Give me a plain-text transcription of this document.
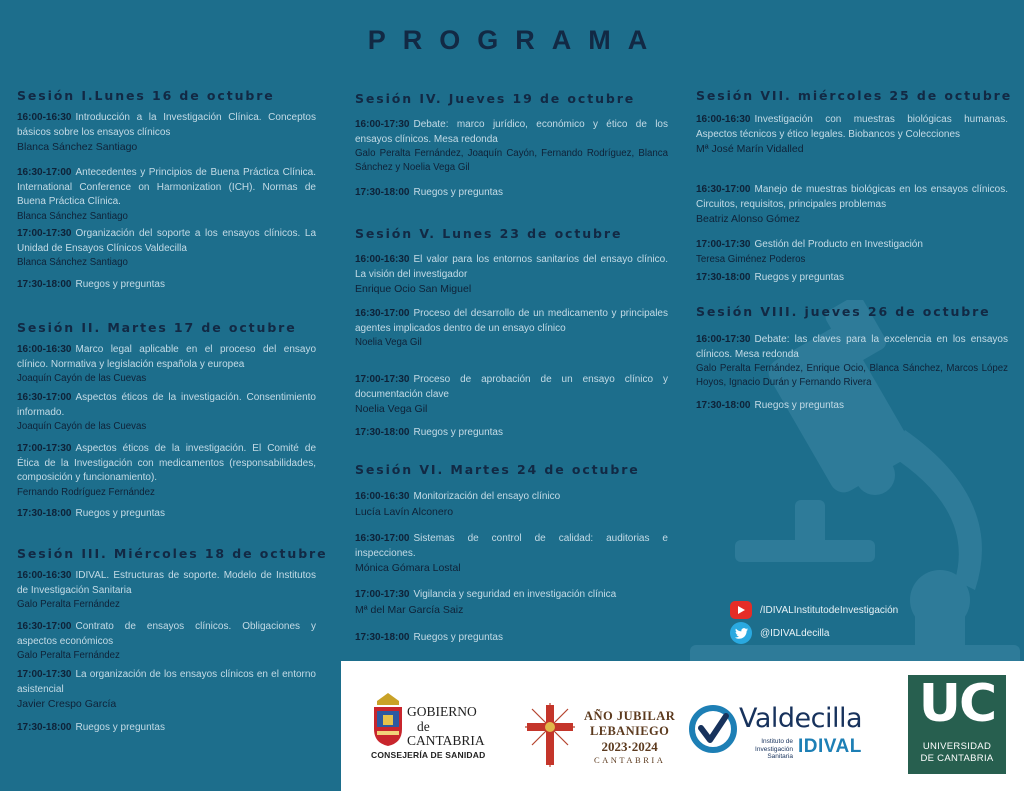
PROGRAMA
Sesión I.Lunes 16 de octubre
16:00-16:30 Introducción a la Investigación Clínica. Conceptos básicos sobre los ensayos clínicos
Blanca Sánchez Santiago
16:30-17:00 Antecedentes y Principios de Buena Práctica Clínica. International Conference on Harmonization (ICH). Normas de Buena Práctica Clínica.
Blanca Sánchez Santiago
17:00-17:30 Organización del soporte a los ensayos clínicos. La Unidad de Ensayos Clínicos Valdecilla
Blanca Sánchez Santiago
17:30-18:00 Ruegos y preguntas
Sesión II. Martes 17 de octubre
16:00-16:30 Marco legal aplicable en el proceso del ensayo clínico. Normativa y legislación española y europea
Joaquín Cayón de las Cuevas
16:30-17:00 Aspectos éticos de la investigación. Consentimiento informado.
Joaquín Cayón de las Cuevas
17:00-17:30 Aspectos éticos de la investigación. El Comité de Ética de la Investigación con medicamentos (responsabilidades, composición y funcionamiento).
Fernando Rodríguez Fernández
17:30-18:00 Ruegos y preguntas
Sesión III. Miércoles 18 de octubre
16:00-16:30 IDIVAL. Estructuras de soporte. Modelo de Institutos de Investigación Sanitaria
Galo Peralta Fernández
16:30-17:00 Contrato de ensayos clínicos. Obligaciones y aspectos económicos
Galo Peralta Fernández
17:00-17:30 La organización de los ensayos clínicos en el entorno asistencial
Javier Crespo García
17:30-18:00 Ruegos y preguntas
Sesión IV. Jueves 19 de octubre
16:00-17:30 Debate: marco jurídico, económico y ético de los ensayos clínicos. Mesa redonda
Galo Peralta Fernández, Joaquín Cayón, Fernando Rodríguez, Blanca Sánchez y Noelia Vega Gil
17:30-18:00 Ruegos y preguntas
Sesión V. Lunes 23 de octubre
16:00-16:30 El valor para los entornos sanitarios del ensayo clínico. La visión del investigador
Enrique Ocio San Miguel
16:30-17:00 Proceso del desarrollo de un medicamento y principales agentes implicados dentro de un ensayo clínico
Noelia Vega Gil
17:00-17:30 Proceso de aprobación de un ensayo clínico y documentación clave
Noelia Vega Gil
17:30-18:00 Ruegos y preguntas
Sesión VI. Martes 24 de octubre
16:00-16:30 Monitorización del ensayo clínico
Lucía Lavín Alconero
16:30-17:00 Sistemas de control de calidad: auditorias e inspecciones.
Mónica Gómara Lostal
17:00-17:30 Vigilancia y seguridad en investigación clínica
Mª del Mar García Saiz
17:30-18:00 Ruegos y preguntas
Sesión VII. miércoles 25 de octubre
16:00-16:30 Investigación con muestras biológicas humanas. Aspectos técnicos y ético legales. Biobancos y Colecciones
Mª José Marín Vidalled
16:30-17:00 Manejo de muestras biológicas en los ensayos clínicos. Circuitos, requisitos, principales problemas
Beatriz Alonso Gómez
17:00-17:30 Gestión del Producto en Investigación
Teresa Giménez Poderos
17:30-18:00 Ruegos y preguntas
Sesión VIII. jueves 26 de octubre
16:00-17:30 Debate: las claves para la excelencia en los ensayos clínicos. Mesa redonda
Galo Peralta Fernández, Enrique Ocio, Blanca Sánchez, Marcos López Hoyos, Ignacio Durán y Fernando Rivera
17:30-18:00 Ruegos y preguntas
/IDIVALInstitutodeInvestigación
@IDIVALdecilla
GOBIERNO
de
CANTABRIA
CONSEJERÍA DE SANIDAD
AÑO JUBILAR
LEBANIEGO
2023·2024
CANTABRIA
Valdecilla
Instituto de Investigación Sanitaria IDIVAL
UC
UNIVERSIDAD
DE CANTABRIA
